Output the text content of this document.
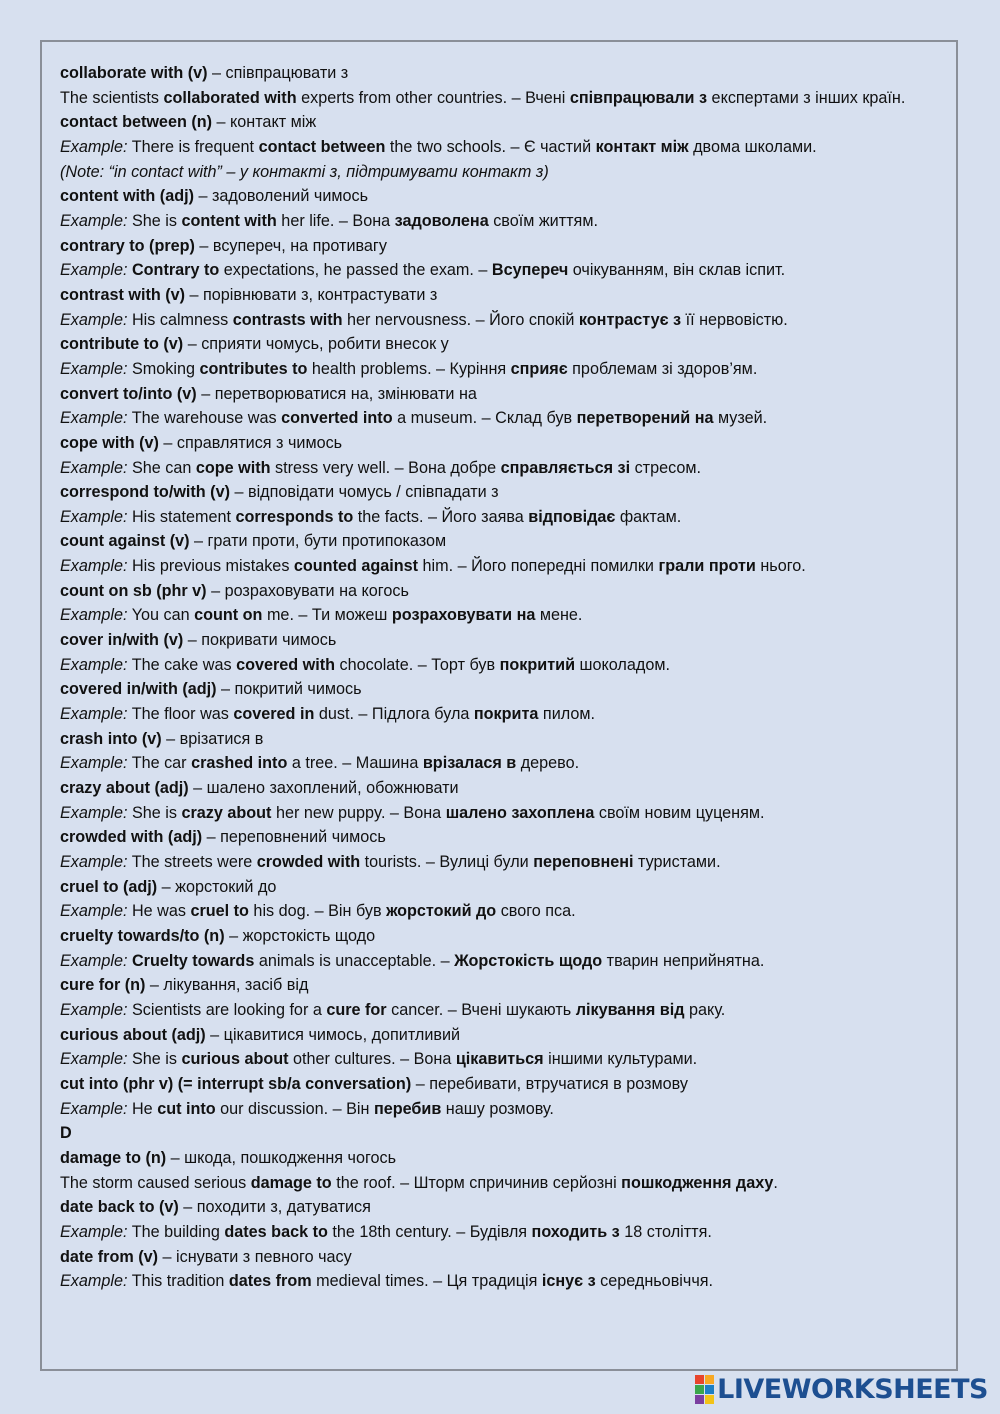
collaborate with (v) – співпрацювати з
The scientists collaborated with experts from other countries. – Вчені співпрацювали з експертами з інших країн.
contact between (n) – контакт між
Example: There is frequent contact between the two schools. – Є частий контакт між двома школами.
(Note: “in contact with” – у контакті з, підтримувати контакт з)
content with (adj) – задоволений чимось
Example: She is content with her life. – Вона задоволена своїм життям.
contrary to (prep) – всупереч, на противагу
Example: Contrary to expectations, he passed the exam. – Всупереч очікуванням, він склав іспит.
contrast with (v) – порівнювати з, контрастувати з
Example: His calmness contrasts with her nervousness. – Його спокій контрастує з її нервовістю.
contribute to (v) – сприяти чомусь, робити внесок у
Example: Smoking contributes to health problems. – Куріння сприяє проблемам зі здоров’ям.
convert to/into (v) – перетворюватися на, змінювати на
Example: The warehouse was converted into a museum. – Склад був перетворений на музей.
cope with (v) – справлятися з чимось
Example: She can cope with stress very well. – Вона добре справляється зі стресом.
correspond to/with (v) – відповідати чомусь / співпадати з
Example: His statement corresponds to the facts. – Його заява відповідає фактам.
count against (v) – грати проти, бути протипоказом
Example: His previous mistakes counted against him. – Його попередні помилки грали проти нього.
count on sb (phr v) – розраховувати на когось
Example: You can count on me. – Ти можеш розраховувати на мене.
cover in/with (v) – покривати чимось
Example: The cake was covered with chocolate. – Торт був покритий шоколадом.
covered in/with (adj) – покритий чимось
Example: The floor was covered in dust. – Підлога була покрита пилом.
crash into (v) – врізатися в
Example: The car crashed into a tree. – Машина врізалася в дерево.
crazy about (adj) – шалено захоплений, обожнювати
Example: She is crazy about her new puppy. – Вона шалено захоплена своїм новим цуценям.
crowded with (adj) – переповнений чимось
Example: The streets were crowded with tourists. – Вулиці були переповнені туристами.
cruel to (adj) – жорстокий до
Example: He was cruel to his dog. – Він був жорстокий до свого пса.
cruelty towards/to (n) – жорстокість щодо
Example: Cruelty towards animals is unacceptable. – Жорстокість щодо тварин неприйнятна.
cure for (n) – лікування, засіб від
Example: Scientists are looking for a cure for cancer. – Вчені шукають лікування від раку.
curious about (adj) – цікавитися чимось, допитливий
Example: She is curious about other cultures. – Вона цікавиться іншими культурами.
cut into (phr v) (= interrupt sb/a conversation) – перебивати, втручатися в розмову
Example: He cut into our discussion. – Він перебив нашу розмову.
D
damage to (n) – шкода, пошкодження чогось
The storm caused serious damage to the roof. – Шторм спричинив серйозні пошкодження даху.
date back to (v) – походити з, датуватися
Example: The building dates back to the 18th century. – Будівля походить з 18 століття.
date from (v) – існувати з певного часу
Example: This tradition dates from medieval times. – Ця традиція існує з середньовіччя.
LIVEWORKSHEETS
